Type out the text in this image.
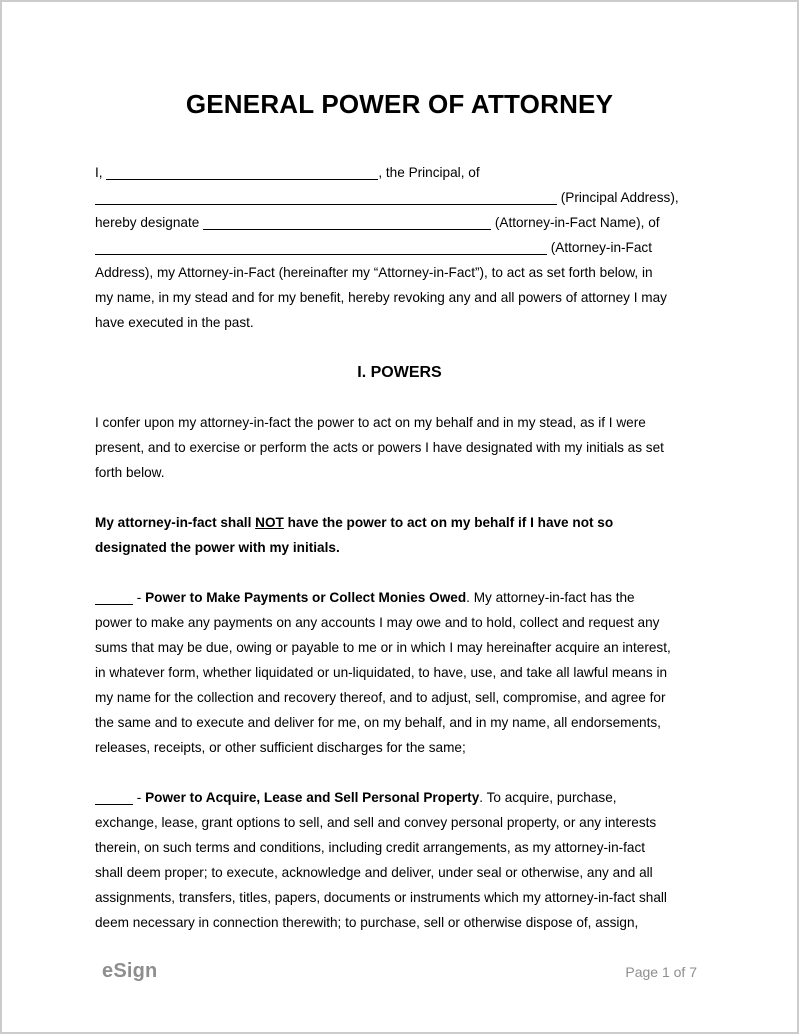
GENERAL POWER OF ATTORNEY
I,	, the Principal, of
(Principal Address),
hereby designate	(Attorney-in-Fact Name), of
(Attorney-in-Fact
Address), my Attorney-in-Fact (hereinafter my “Attorney-in-Fact”), to act as set forth below, in
my name, in my stead and for my benefit, hereby revoking any and all powers of attorney I may
have executed in the past.
I. POWERS
I confer upon my attorney-in-fact the power to act on my behalf and in my stead, as if I were
present, and to exercise or perform the acts or powers I have designated with my initials as set
forth below.
My attorney-in-fact shall NOT have the power to act on my behalf if I have not so
designated the power with my initials.
- Power to Make Payments or Collect Monies Owed. My attorney-in-fact has the
power to make any payments on any accounts I may owe and to hold, collect and request any
sums that may be due, owing or payable to me or in which I may hereinafter acquire an interest,
in whatever form, whether liquidated or un-liquidated, to have, use, and take all lawful means in
my name for the collection and recovery thereof, and to adjust, sell, compromise, and agree for
the same and to execute and deliver for me, on my behalf, and in my name, all endorsements,
releases, receipts, or other sufficient discharges for the same;
- Power to Acquire, Lease and Sell Personal Property. To acquire, purchase,
exchange, lease, grant options to sell, and sell and convey personal property, or any interests
therein, on such terms and conditions, including credit arrangements, as my attorney-in-fact
shall deem proper; to execute, acknowledge and deliver, under seal or otherwise, any and all
assignments, transfers, titles, papers, documents or instruments which my attorney-in-fact shall
deem necessary in connection therewith; to purchase, sell or otherwise dispose of, assign,
eSign	Page 1 of 7
